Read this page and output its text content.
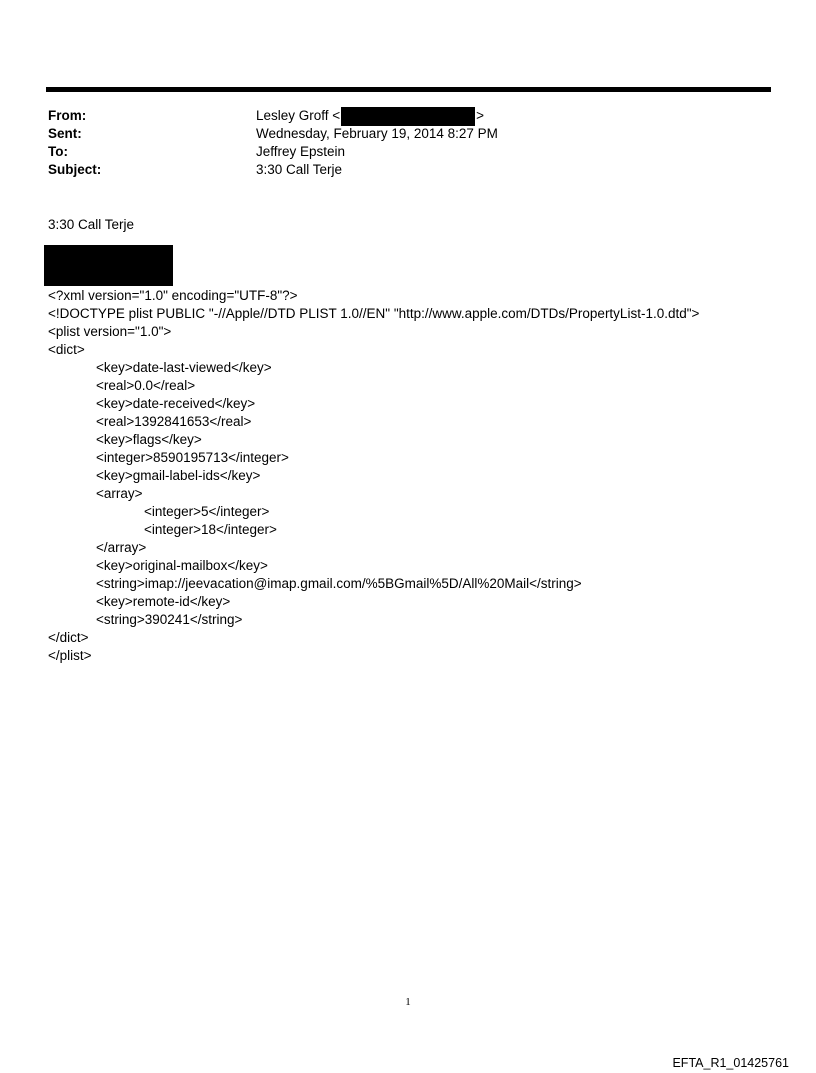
From:	Lesley Groff <	>
Sent:	Wednesday, February 19, 2014 8:27 PM
To:	Jeffrey Epstein
Subject:	3:30 Call Terje
3:30 Call Terje
<?xml version="1.0" encoding="UTF-8"?>
<!DOCTYPE plist PUBLIC "-//Apple//DTD PLIST 1.0//EN" "http://www.apple.com/DTDs/PropertyList-1.0.dtd">
<plist version="1.0">
<dict>
<key>date-last-viewed</key>
<real>0.0</real>
<key>date-received</key>
<real>1392841653</real>
<key>flags</key>
<integer>8590195713</integer>
<key>gmail-label-ids</key>
<array>
<integer>5</integer>
<integer>18</integer>
</array>
<key>original-mailbox</key>
<string>imap://jeevacation@imap.gmail.com/%5BGmail%5D/All%20Mail</string>
<key>remote-id</key>
<string>390241</string>
</dict>
</plist>
1
EFTA_R1_01425761
